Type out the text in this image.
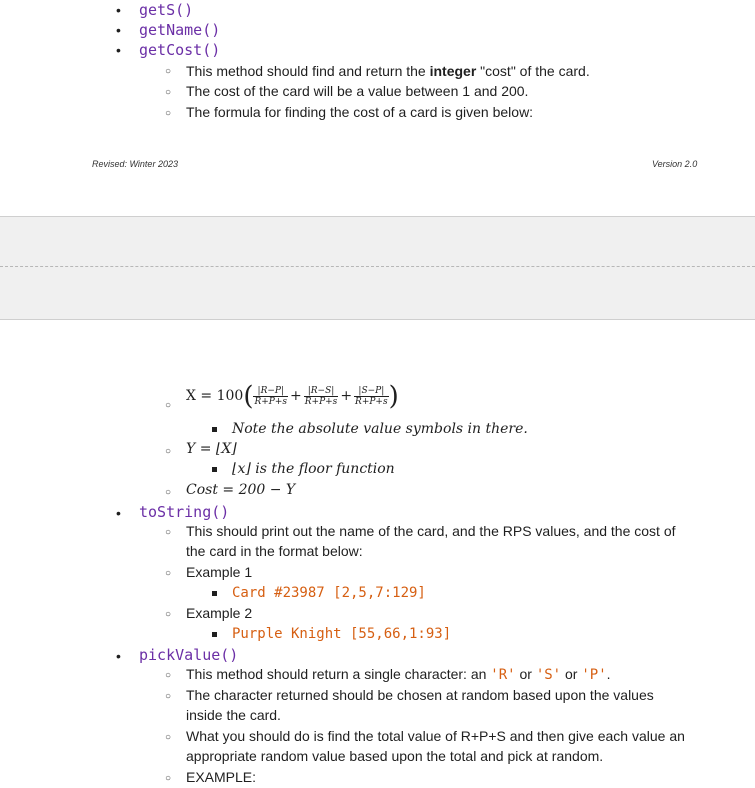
• getS()
• getName()
• getCost()
○ This method should find and return the integer "cost" of the card.
○ The cost of the card will be a value between 1 and 200.
○ The formula for finding the cost of a card is given below:
Revised: Winter 2023	Version 2.0
○
$X = 100( \frac{|R-P|}{R+P+s} + \frac{|R-S|}{R+P+s} + \frac{|S-P|}{R+P+s}$ )
Note the absolute value symbols in there.
○ Y = ⌊X⌋
⌊x⌋ is the floor function
○ Cost = 200 − Y
• toString()
○ This should print out the name of the card, and the RPS values, and the cost of
the card in the format below:
○ Example 1
Card #23987 [2,5,7:129]
○ Example 2
Purple Knight [55,66,1:93]
• pickValue()
○ This method should return a single character: an 'R' or 'S' or 'P'.
○ The character returned should be chosen at random based upon the values
inside the card.
○ What you should do is find the total value of R+P+S and then give each value an
appropriate random value based upon the total and pick at random.
○ EXAMPLE:
